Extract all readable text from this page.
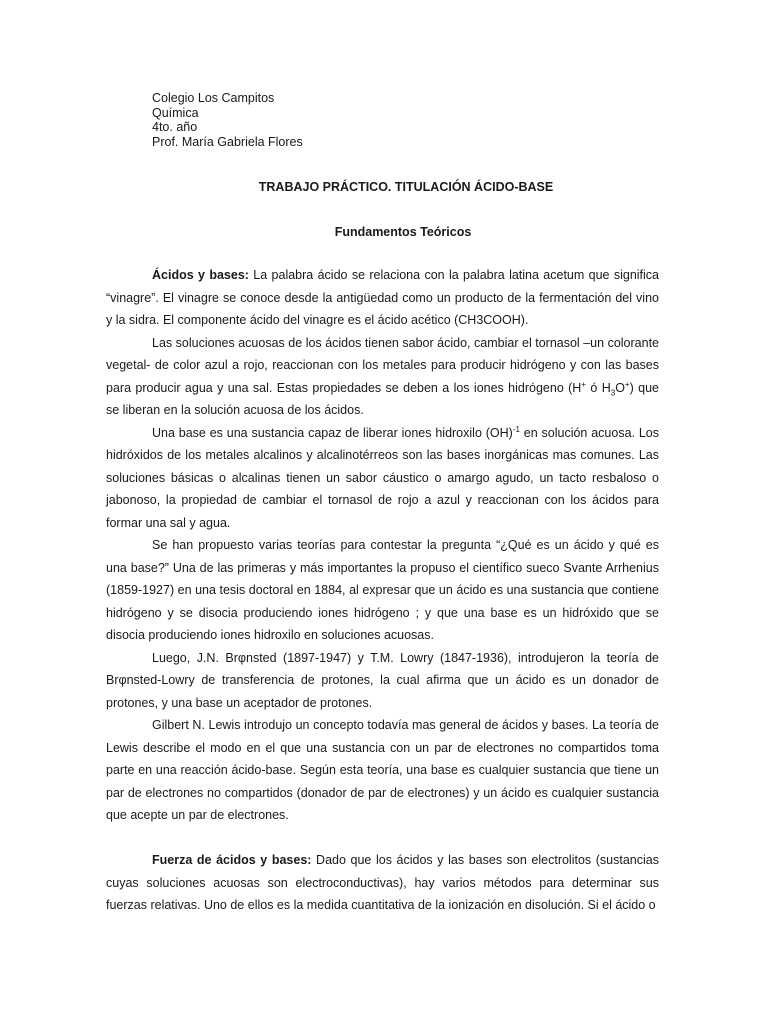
Colegio Los Campitos
Química
4to. año
Prof. María Gabriela Flores
TRABAJO PRÁCTICO. TITULACIÓN ÁCIDO-BASE
Fundamentos Teóricos

Ácidos y bases: La palabra ácido se relaciona con la palabra latina acetum que significa “vinagre”. El vinagre se conoce desde la antigüedad como un producto de la fermentación del vino y la sidra. El componente ácido del vinagre es el ácido acético (CH3COOH).

Las soluciones acuosas de los ácidos tienen sabor ácido, cambiar el tornasol –un colorante vegetal- de color azul a rojo, reaccionan con los metales para producir hidrógeno y con las bases para producir agua y una sal. Estas propiedades se deben a los iones hidrógeno (H+ ó $H_3O^+$) que se liberan en la solución acuosa de los ácidos.

Una base es una sustancia capaz de liberar iones hidroxilo (OH)$^{-1}$ en solución acuosa. Los hidróxidos de los metales alcalinos y alcalinotérreos son las bases inorgánicas mas comunes. Las soluciones básicas o alcalinas tienen un sabor cáustico o amargo agudo, un tacto resbaloso o jabonoso, la propiedad de cambiar el tornasol de rojo a azul y reaccionan con los ácidos para formar una sal y agua.

Se han propuesto varias teorías para contestar la pregunta “¿Qué es un ácido y qué es una base?” Una de las primeras y más importantes la propuso el científico sueco Svante Arrhenius (1859-1927) en una tesis doctoral en 1884, al expresar que un ácido es una sustancia que contiene hidrógeno y se disocia produciendo iones hidrógeno ; y que una base es un hidróxido que se disocia produciendo iones hidroxilo en soluciones acuosas.

Luego, J.N. Brφnsted (1897-1947) y T.M. Lowry (1847-1936), introdujeron la teoría de Brφnsted-Lowry de transferencia de protones, la cual afirma que un ácido es un donador de protones, y una base un aceptador de protones.

Gilbert N. Lewis introdujo un concepto todavía mas general de ácidos y bases. La teoría de Lewis describe el modo en el que una sustancia con un par de electrones no compartidos toma parte en una reacción ácido-base. Según esta teoría, una base es cualquier sustancia que tiene un par de electrones no compartidos (donador de par de electrones) y un ácido es cualquier sustancia que acepte un par de electrones.

Fuerza de ácidos y bases: Dado que los ácidos y las bases son electrolitos (sustancias cuyas soluciones acuosas son electroconductivas), hay varios métodos para determinar sus fuerzas relativas. Uno de ellos es la medida cuantitativa de la ionización en disolución. Si el ácido o
